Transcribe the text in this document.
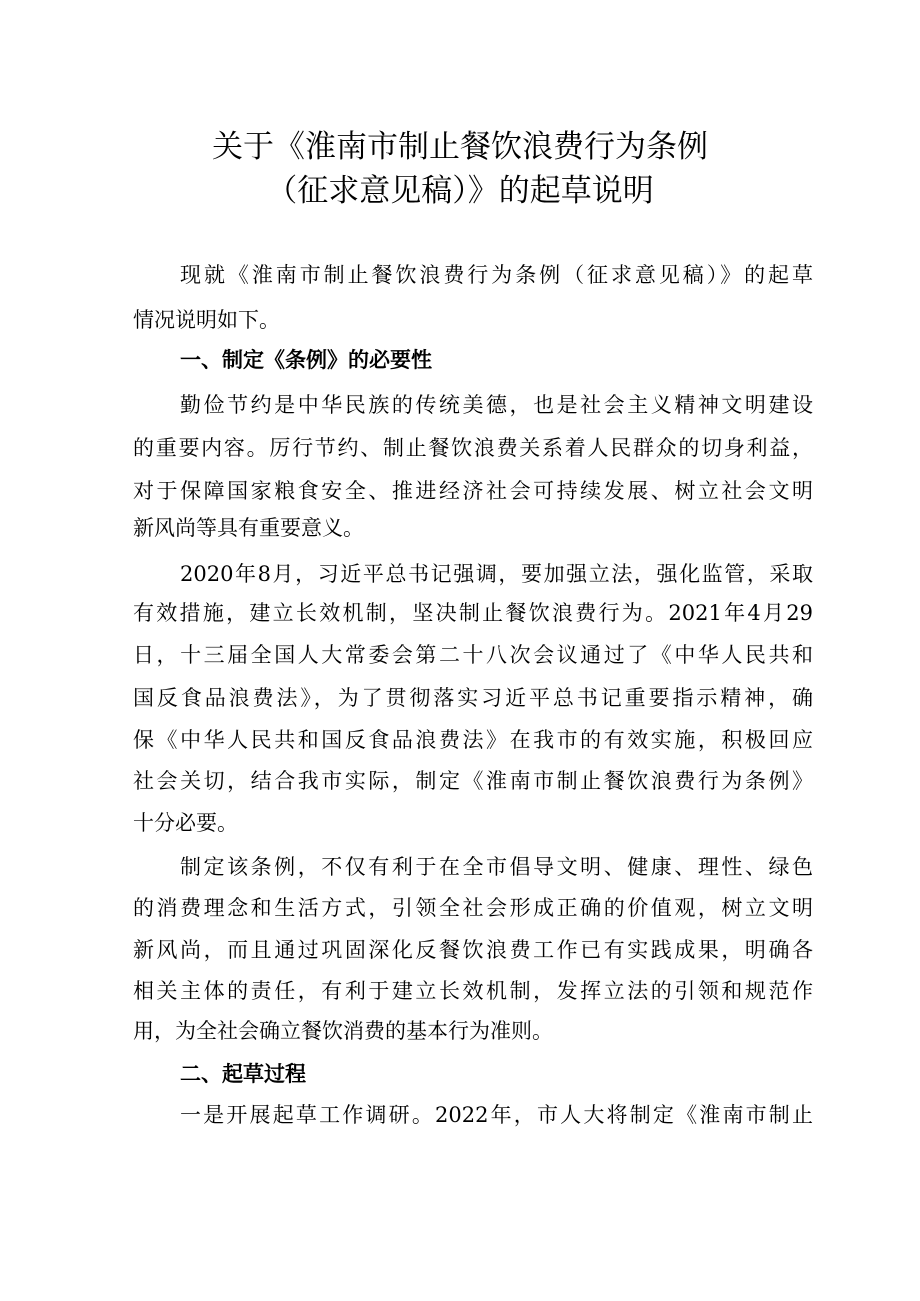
关于《淮南市制止餐饮浪费行为条例
（征求意见稿）》的起草说明
现就《淮南市制止餐饮浪费行为条例（征求意见稿）》的起草
情况说明如下。
一、制定《条例》的必要性
勤俭节约是中华民族的传统美德，也是社会主义精神文明建设
的重要内容。厉行节约、制止餐饮浪费关系着人民群众的切身利益，
对于保障国家粮食安全、推进经济社会可持续发展、树立社会文明
新风尚等具有重要意义。
2020年8月，习近平总书记强调，要加强立法，强化监管，采取
有效措施，建立长效机制，坚决制止餐饮浪费行为。2021年4月29
日，十三届全国人大常委会第二十八次会议通过了《中华人民共和
国反食品浪费法》，为了贯彻落实习近平总书记重要指示精神，确
保《中华人民共和国反食品浪费法》在我市的有效实施，积极回应
社会关切，结合我市实际，制定《淮南市制止餐饮浪费行为条例》
十分必要。
制定该条例，不仅有利于在全市倡导文明、健康、理性、绿色
的消费理念和生活方式，引领全社会形成正确的价值观，树立文明
新风尚，而且通过巩固深化反餐饮浪费工作已有实践成果，明确各
相关主体的责任，有利于建立长效机制，发挥立法的引领和规范作
用，为全社会确立餐饮消费的基本行为准则。
二、起草过程
一是开展起草工作调研。2022年，市人大将制定《淮南市制止
